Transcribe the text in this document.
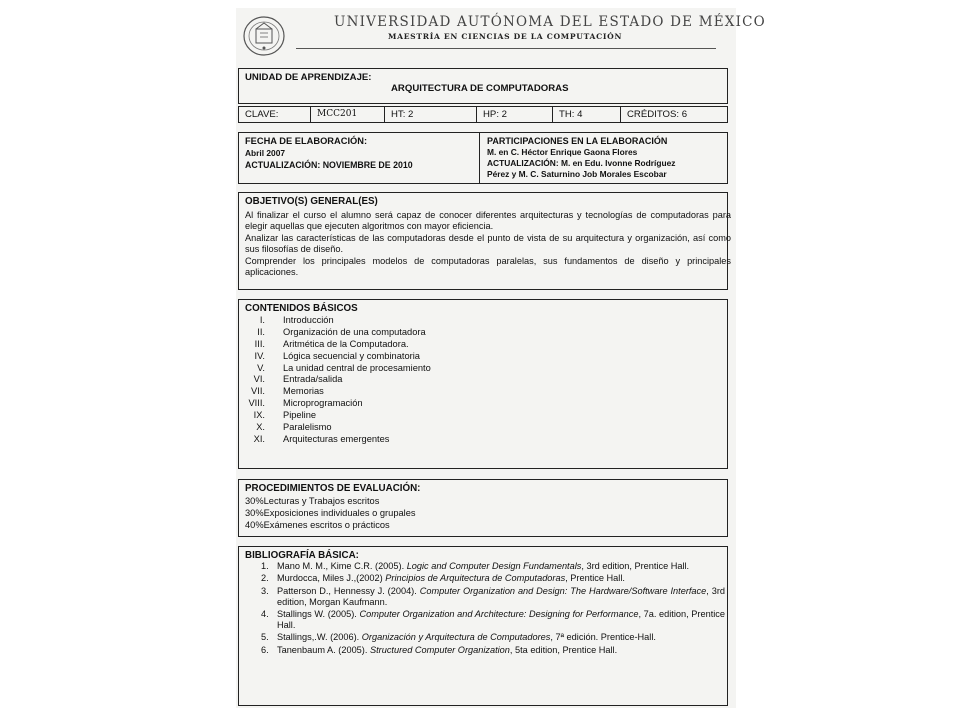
UNIVERSIDAD AUTÓNOMA DEL ESTADO DE MÉXICO
MAESTRÍA EN CIENCIAS DE LA COMPUTACIÓN
UNIDAD DE APRENDIZAJE:
ARQUITECTURA DE COMPUTADORAS
CLAVE:	MCC201	HT: 2	HP: 2	TH: 4	CRÉDITOS: 6
FECHA DE ELABORACIÓN:
Abril 2007
ACTUALIZACIÓN: NOVIEMBRE DE 2010
PARTICIPACIONES EN LA ELABORACIÓN
M. en C. Héctor Enrique Gaona Flores
ACTUALIZACIÓN: M. en Edu. Ivonne Rodríguez
Pérez y M. C. Saturnino Job Morales Escobar
OBJETIVO(S) GENERAL(ES)
Al finalizar el curso el alumno será capaz de conocer diferentes arquitecturas y tecnologías de computadoras para elegir aquellas que ejecuten algoritmos con mayor eficiencia.
Analizar las características de las computadoras desde el punto de vista de su arquitectura y organización, así como sus filosofías de diseño.
Comprender los principales modelos de computadoras paralelas, sus fundamentos de diseño y principales aplicaciones.
CONTENIDOS BÁSICOS
I. Introducción
II. Organización de una computadora
III. Aritmética de la Computadora.
IV. Lógica secuencial y combinatoria
V. La unidad central de procesamiento
VI. Entrada/salida
VII. Memorias
VIII. Microprogramación
IX. Pipeline
X. Paralelismo
XI. Arquitecturas emergentes
PROCEDIMIENTOS DE EVALUACIÓN:
30%Lecturas y Trabajos escritos
30%Exposiciones individuales o grupales
40%Exámenes escritos o prácticos
BIBLIOGRAFÍA BÁSICA:
1. Mano M. M., Kime C.R. (2005). Logic and Computer Design Fundamentals, 3rd edition, Prentice Hall.
2. Murdocca, Miles J.,(2002) Principios de Arquitectura de Computadoras, Prentice Hall.
3. Patterson D., Hennessy J. (2004). Computer Organization and Design: The Hardware/Software Interface, 3rd edition, Morgan Kaufmann.
4. Stallings W. (2005). Computer Organization and Architecture: Designing for Performance, 7a. edition, Prentice Hall.
5. Stallings,.W. (2006). Organización y Arquitectura de Computadores, 7ª edición. Prentice-Hall.
6. Tanenbaum A. (2005). Structured Computer Organization, 5ta edition, Prentice Hall.
